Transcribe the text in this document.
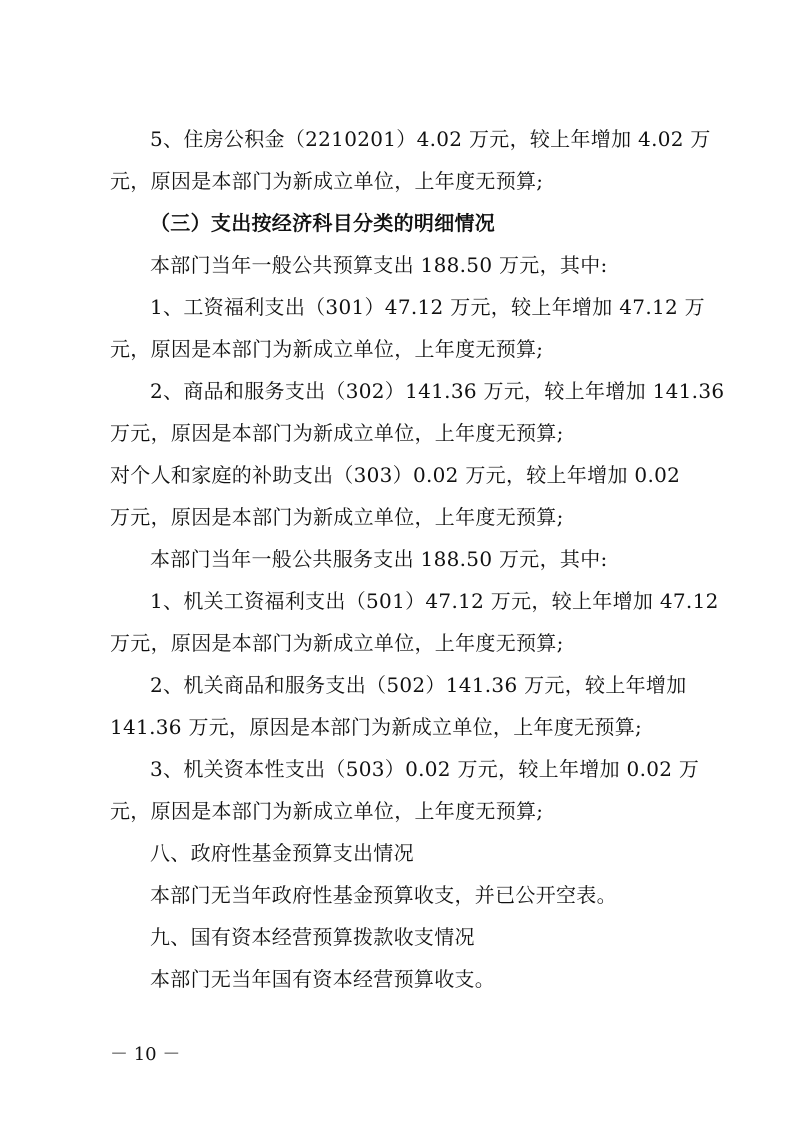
5、住房公积金（2210201）4.02 万元，较上年增加 4.02 万
元，原因是本部门为新成立单位，上年度无预算;
（三）支出按经济科目分类的明细情况
本部门当年一般公共预算支出 188.50 万元，其中:
1、工资福利支出（301）47.12 万元，较上年增加 47.12 万
元，原因是本部门为新成立单位，上年度无预算;
2、商品和服务支出（302）141.36 万元，较上年增加 141.36
万元，原因是本部门为新成立单位，上年度无预算;
对个人和家庭的补助支出（303）0.02 万元，较上年增加 0.02
万元，原因是本部门为新成立单位，上年度无预算;
本部门当年一般公共服务支出 188.50 万元，其中:
1、机关工资福利支出（501）47.12 万元，较上年增加 47.12
万元，原因是本部门为新成立单位，上年度无预算;
2、机关商品和服务支出（502）141.36 万元，较上年增加
141.36 万元，原因是本部门为新成立单位，上年度无预算;
3、机关资本性支出（503）0.02 万元，较上年增加 0.02 万
元，原因是本部门为新成立单位，上年度无预算;
八、政府性基金预算支出情况
本部门无当年政府性基金预算收支，并已公开空表。
九、国有资本经营预算拨款收支情况
本部门无当年国有资本经营预算收支。
－ 10 －
